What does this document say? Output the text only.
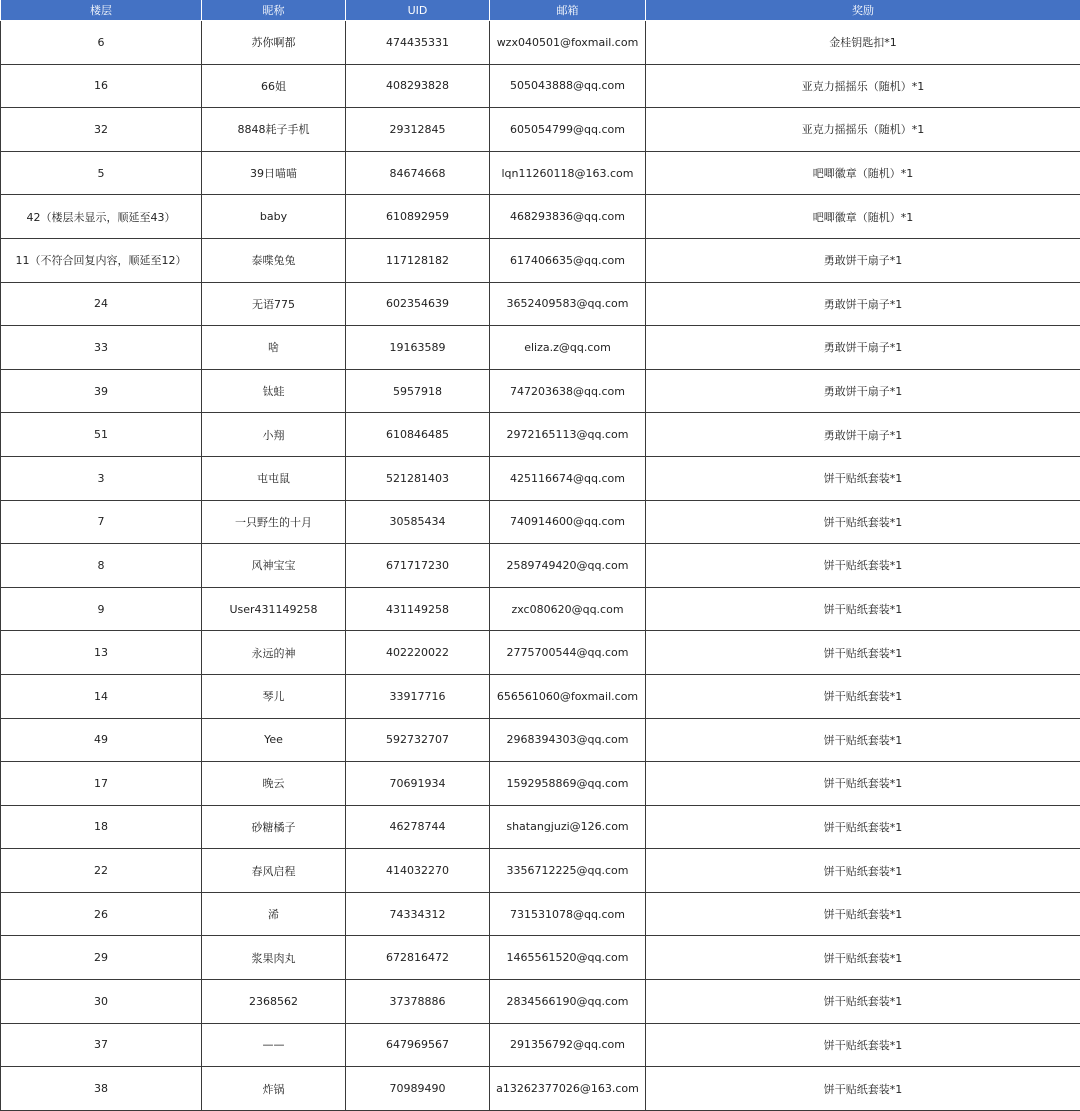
楼层	昵称	UID	邮箱	奖励
6	苏你啊都	474435331	wzx040501@foxmail.com	金桂钥匙扣*1
16	66姐	408293828	505043888@qq.com	亚克力摇摇乐（随机）*1
32	8848耗子手机	29312845	605054799@qq.com	亚克力摇摇乐（随机）*1
5	39日喵喵	84674668	lqn11260118@163.com	吧唧徽章（随机）*1
42（楼层未显示，顺延至43）	baby	610892959	468293836@qq.com	吧唧徽章（随机）*1
11（不符合回复内容，顺延至12）	泰喋兔兔	117128182	617406635@qq.com	勇敢饼干扇子*1
24	无语775	602354639	3652409583@qq.com	勇敢饼干扇子*1
33	啥	19163589	eliza.z@qq.com	勇敢饼干扇子*1
39	钛蛙	5957918	747203638@qq.com	勇敢饼干扇子*1
51	小翔	610846485	2972165113@qq.com	勇敢饼干扇子*1
3	屯屯鼠	521281403	425116674@qq.com	饼干贴纸套装*1
7	一只野生的十月	30585434	740914600@qq.com	饼干贴纸套装*1
8	风神宝宝	671717230	2589749420@qq.com	饼干贴纸套装*1
9	User431149258	431149258	zxc080620@qq.com	饼干贴纸套装*1
13	永远的神	402220022	2775700544@qq.com	饼干贴纸套装*1
14	琴儿	33917716	656561060@foxmail.com	饼干贴纸套装*1
49	Yee	592732707	2968394303@qq.com	饼干贴纸套装*1
17	晚云	70691934	1592958869@qq.com	饼干贴纸套装*1
18	砂糖橘子	46278744	shatangjuzi@126.com	饼干贴纸套装*1
22	春风启程	414032270	3356712225@qq.com	饼干贴纸套装*1
26	浠	74334312	731531078@qq.com	饼干贴纸套装*1
29	浆果肉丸	672816472	1465561520@qq.com	饼干贴纸套装*1
30	2368562	37378886	2834566190@qq.com	饼干贴纸套装*1
37	——	647969567	291356792@qq.com	饼干贴纸套装*1
38	炸锅	70989490	a13262377026@163.com	饼干贴纸套装*1
